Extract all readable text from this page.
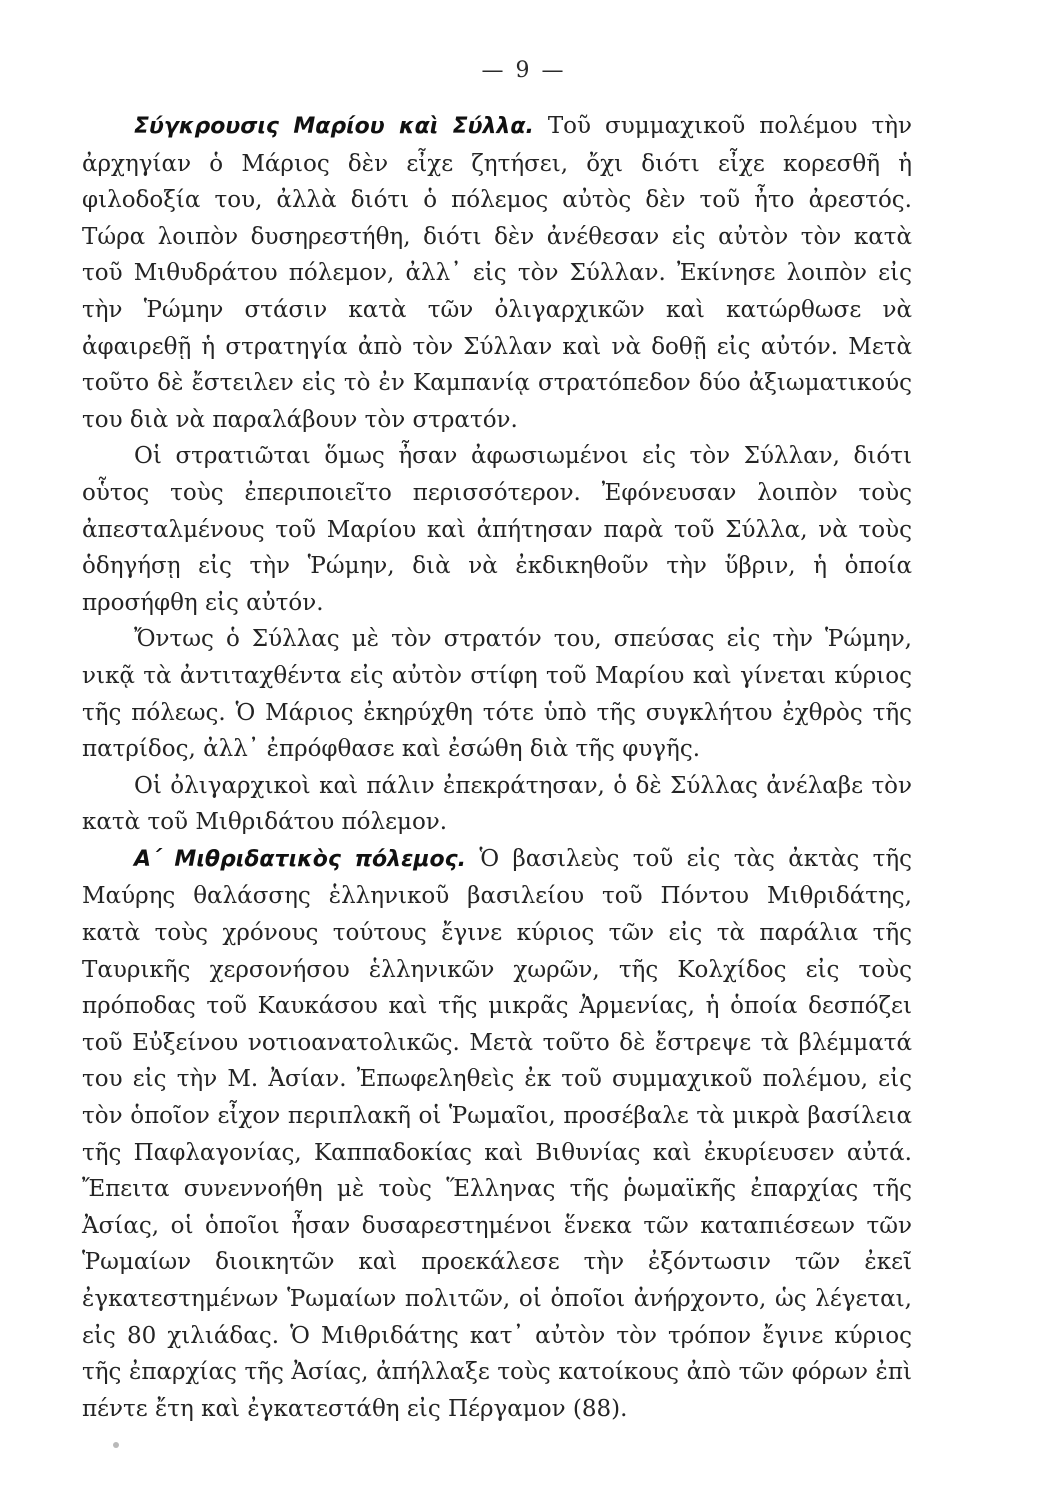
— 9 —

Σύγκρουσις Μαρίου καὶ Σύλλα. Τοῦ συμμαχικοῦ πολέμου τὴν ἀρχηγίαν ὁ Μάριος δὲν εἶχε ζητήσει, ὄχι διότι εἶχε κορεσθῆ ἡ φιλοδοξία του, ἀλλὰ διότι ὁ πόλεμος αὐτὸς δὲν τοῦ ἦτο ἀρεστός. Τώρα λοιπὸν δυσηρεστήθη, διότι δὲν ἀνέθεσαν εἰς αὐτὸν τὸν κατὰ τοῦ Μιθυδράτου πόλεμον, ἀλλ᾽ εἰς τὸν Σύλλαν. Ἐκίνησε λοιπὸν εἰς τὴν Ῥώμην στάσιν κατὰ τῶν ὀλιγαρχικῶν καὶ κατώρθωσε νὰ ἀφαιρεθῇ ἡ στρατηγία ἀπὸ τὸν Σύλλαν καὶ νὰ δοθῇ εἰς αὐτόν. Μετὰ τοῦτο δὲ ἔστειλεν εἰς τὸ ἐν Καμπανίᾳ στρατόπεδον δύο ἀξιωματικούς του διὰ νὰ παραλάβουν τὸν στρατόν.

Οἱ στρατιῶται ὅμως ἦσαν ἀφωσιωμένοι εἰς τὸν Σύλλαν, διότι οὗτος τοὺς ἐπεριποιεῖτο περισσότερον. Ἐφόνευσαν λοιπὸν τοὺς ἀπεσταλμένους τοῦ Μαρίου καὶ ἀπήτησαν παρὰ τοῦ Σύλλα, νὰ τοὺς ὁδηγήσῃ εἰς τὴν Ῥώμην, διὰ νὰ ἐκδικηθοῦν τὴν ὕβριν, ἡ ὁποία προσήφθη εἰς αὐτόν.

Ὄντως ὁ Σύλλας μὲ τὸν στρατόν του, σπεύσας εἰς τὴν Ῥώμην, νικᾷ τὰ ἀντιταχθέντα εἰς αὐτὸν στίφη τοῦ Μαρίου καὶ γίνεται κύριος τῆς πόλεως. Ὁ Μάριος ἐκηρύχθη τότε ὑπὸ τῆς συγκλήτου ἐχθρὸς τῆς πατρίδος, ἀλλ᾽ ἐπρόφθασε καὶ ἐσώθη διὰ τῆς φυγῆς.

Οἱ ὀλιγαρχικοὶ καὶ πάλιν ἐπεκράτησαν, ὁ δὲ Σύλλας ἀνέλαβε τὸν κατὰ τοῦ Μιθριδάτου πόλεμον.

Α΄ Μιθριδατικὸς πόλεμος. Ὁ βασιλεὺς τοῦ εἰς τὰς ἀκτὰς τῆς Μαύρης θαλάσσης ἑλληνικοῦ βασιλείου τοῦ Πόντου Μιθριδάτης, κατὰ τοὺς χρόνους τούτους ἔγινε κύριος τῶν εἰς τὰ παράλια τῆς Ταυρικῆς χερσονήσου ἑλληνικῶν χωρῶν, τῆς Κολχίδος εἰς τοὺς πρόποδας τοῦ Καυκάσου καὶ τῆς μικρᾶς Ἀρμενίας, ἡ ὁποία δεσπόζει τοῦ Εὐξείνου νοτιοανατολικῶς. Μετὰ τοῦτο δὲ ἔστρεψε τὰ βλέμματά του εἰς τὴν Μ. Ἀσίαν. Ἐπωφεληθεὶς ἐκ τοῦ συμμαχικοῦ πολέμου, εἰς τὸν ὁποῖον εἶχον περιπλακῆ οἱ Ῥωμαῖοι, προσέβαλε τὰ μικρὰ βασίλεια τῆς Παφλαγονίας, Καππαδοκίας καὶ Βιθυνίας καὶ ἐκυρίευσεν αὐτά. Ἔπειτα συνεννοήθη μὲ τοὺς Ἕλληνας τῆς ῥωμαϊκῆς ἐπαρχίας τῆς Ἀσίας, οἱ ὁποῖοι ἦσαν δυσαρεστημένοι ἕνεκα τῶν καταπιέσεων τῶν Ῥωμαίων διοικητῶν καὶ προεκάλεσε τὴν ἐξόντωσιν τῶν ἐκεῖ ἐγκατεστημένων Ῥωμαίων πολιτῶν, οἱ ὁποῖοι ἀνήρχοντο, ὡς λέγεται, εἰς 80 χιλιάδας. Ὁ Μιθριδάτης κατ᾽ αὐτὸν τὸν τρόπον ἔγινε κύριος τῆς ἐπαρχίας τῆς Ἀσίας, ἀπήλλαξε τοὺς κατοίκους ἀπὸ τῶν φόρων ἐπὶ πέντε ἔτη καὶ ἐγκατεστάθη εἰς Πέργαμον (88).
